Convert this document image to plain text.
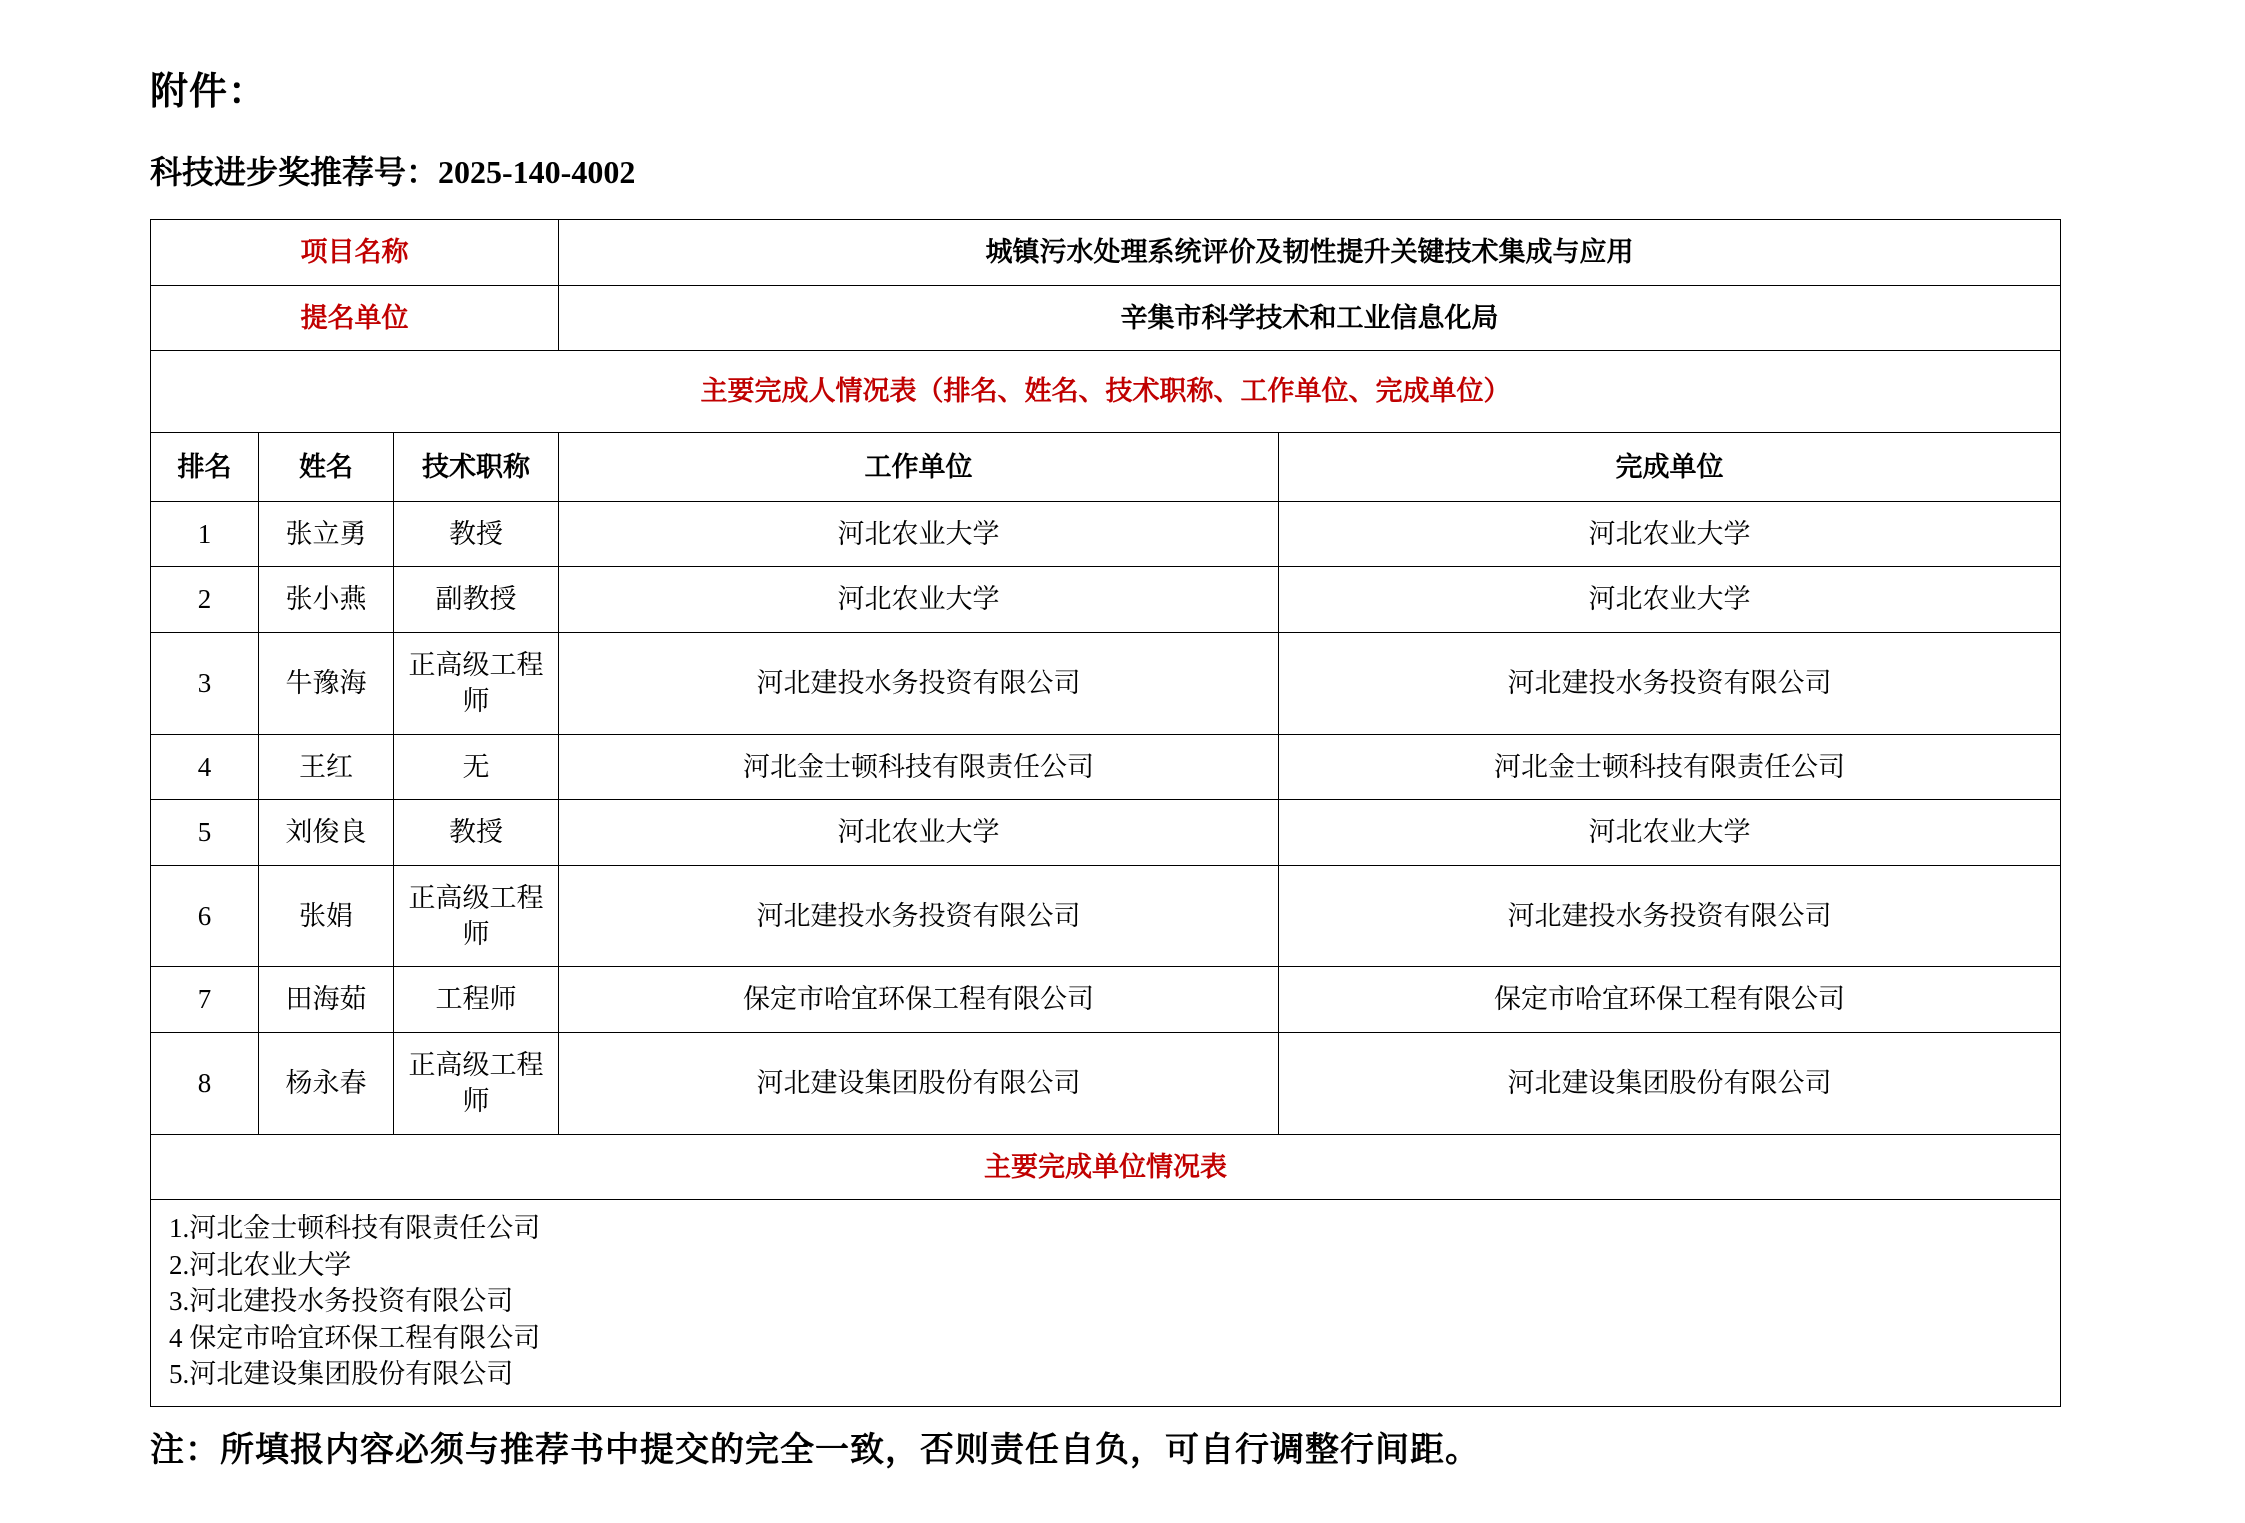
附件：
科技进步奖推荐号：2025-140-4002
项目名称			城镇污水处理系统评价及韧性提升关键技术集成与应用	
提名单位			辛集市科学技术和工业信息化局	
主要完成人情况表（排名、姓名、技术职称、工作单位、完成单位）				
排名	姓名	技术职称	工作单位	完成单位
1	张立勇	教授	河北农业大学	河北农业大学
2	张小燕	副教授	河北农业大学	河北农业大学
3	牛豫海	正高级工程师	河北建投水务投资有限公司	河北建投水务投资有限公司
4	王红	无	河北金士顿科技有限责任公司	河北金士顿科技有限责任公司
5	刘俊良	教授	河北农业大学	河北农业大学
6	张娟	正高级工程师	河北建投水务投资有限公司	河北建投水务投资有限公司
7	田海茹	工程师	保定市哈宜环保工程有限公司	保定市哈宜环保工程有限公司
8	杨永春	正高级工程师	河北建设集团股份有限公司	河北建设集团股份有限公司
主要完成单位情况表				

1.河北金士顿科技有限责任公司
2.河北农业大学
3.河北建投水务投资有限公司
4 保定市哈宜环保工程有限公司
5.河北建设集团股份有限公司				
注：所填报内容必须与推荐书中提交的完全一致，否则责任自负，可自行调整行间距。
